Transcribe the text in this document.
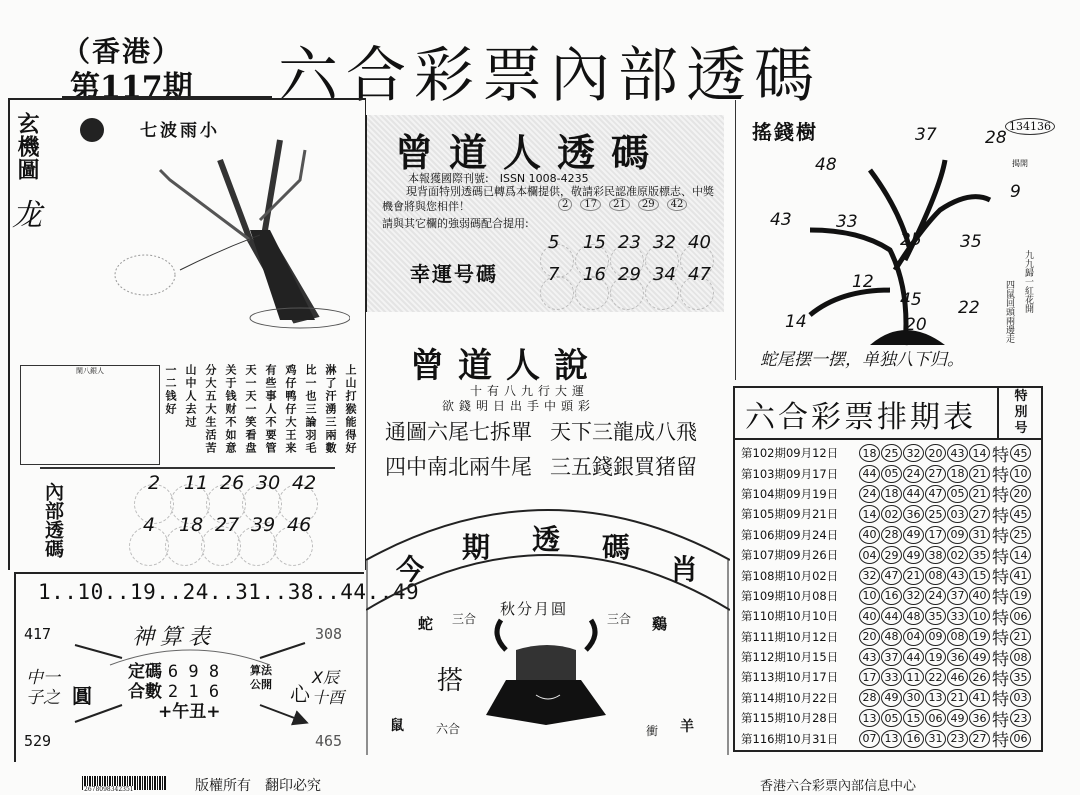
（香港）
第117期 六合彩票內部透碼
玄機圖
龙
七波雨小
閑八銀人	上山打猴能得好
淋了汗湧三兩數
比一也三論羽毛
鸡仔鸭仔大王来
有些事人不要管
天一天一笑看盘
关于钱财不如意
分大五大生活苦
山中人去过
一二钱好
內部透碼	2 11 26 30 42
4 18 27 39 46
1..10..19..24..31..38..44..49
神算表
417	308
529	465
中一子之 圓	心
X辰十酉
定碼 6 9 8
合數 2 1 6
+午丑+
算法
公開
曾道人透碼
本報獲國際刊號:　 ISSN 1008-4235
現背面特別透碼已轉爲本欄提供，敬請彩民認准原版標志、中獎機會將與您相伴！
請與其它欄的強弱碼配合提用:
2	17	21	29	42
幸運号碼
5 15 23 32 40
7 16 29 34 47
曾道人說
十有八九行大運
欲錢明日出手中頭彩
通圖六尾七拆單 天下三龍成八飛
四中南北兩牛尾 三五錢銀買猪留
今
期 透 碼
肖
秋分月圓
蛇 三合	三合 鷄
搭
鼠	六合	衝 羊
搖錢樹	134136
揭開
37	28
48
9
43	33
25 35
12
45 22
14	20
九九歸一紅花開
四鼠回頭兩邊走
蛇尾摆一摆，单独八下归。
六合彩票排期表
特別号
第102期09月12日	18 25 32 20 43 14 特 45
第103期09月17日	44 05 24 27 18 21 特 10
第104期09月19日	24 18 44 47 05 21 特 20
第105期09月21日	14 02 36 25 03 27 特 45
第106期09月24日	40 28 49 17 09 31 特 25
第107期09月26日	04 29 49 38 02 35 特 14
第108期10月02日	32 47 21 08 43 15 特 41
第109期10月08日	10 16 32 24 37 40 特 19
第110期10月10日	40 44 48 35 33 10 特 06
第111期10月12日	20 48 04 09 08 19 特 21
第112期10月15日	43 37 44 19 36 49 特 08
第113期10月17日	17 33 11 22 46 26 特 35
第114期10月22日	28 49 30 13 21 41 特 03
第115期10月28日	13 05 15 06 49 36 特 23
第116期10月31日	07 13 16 31 23 27 特 06
2678098342351	版權所有　翻印必究	香港六合彩票內部信息中心
